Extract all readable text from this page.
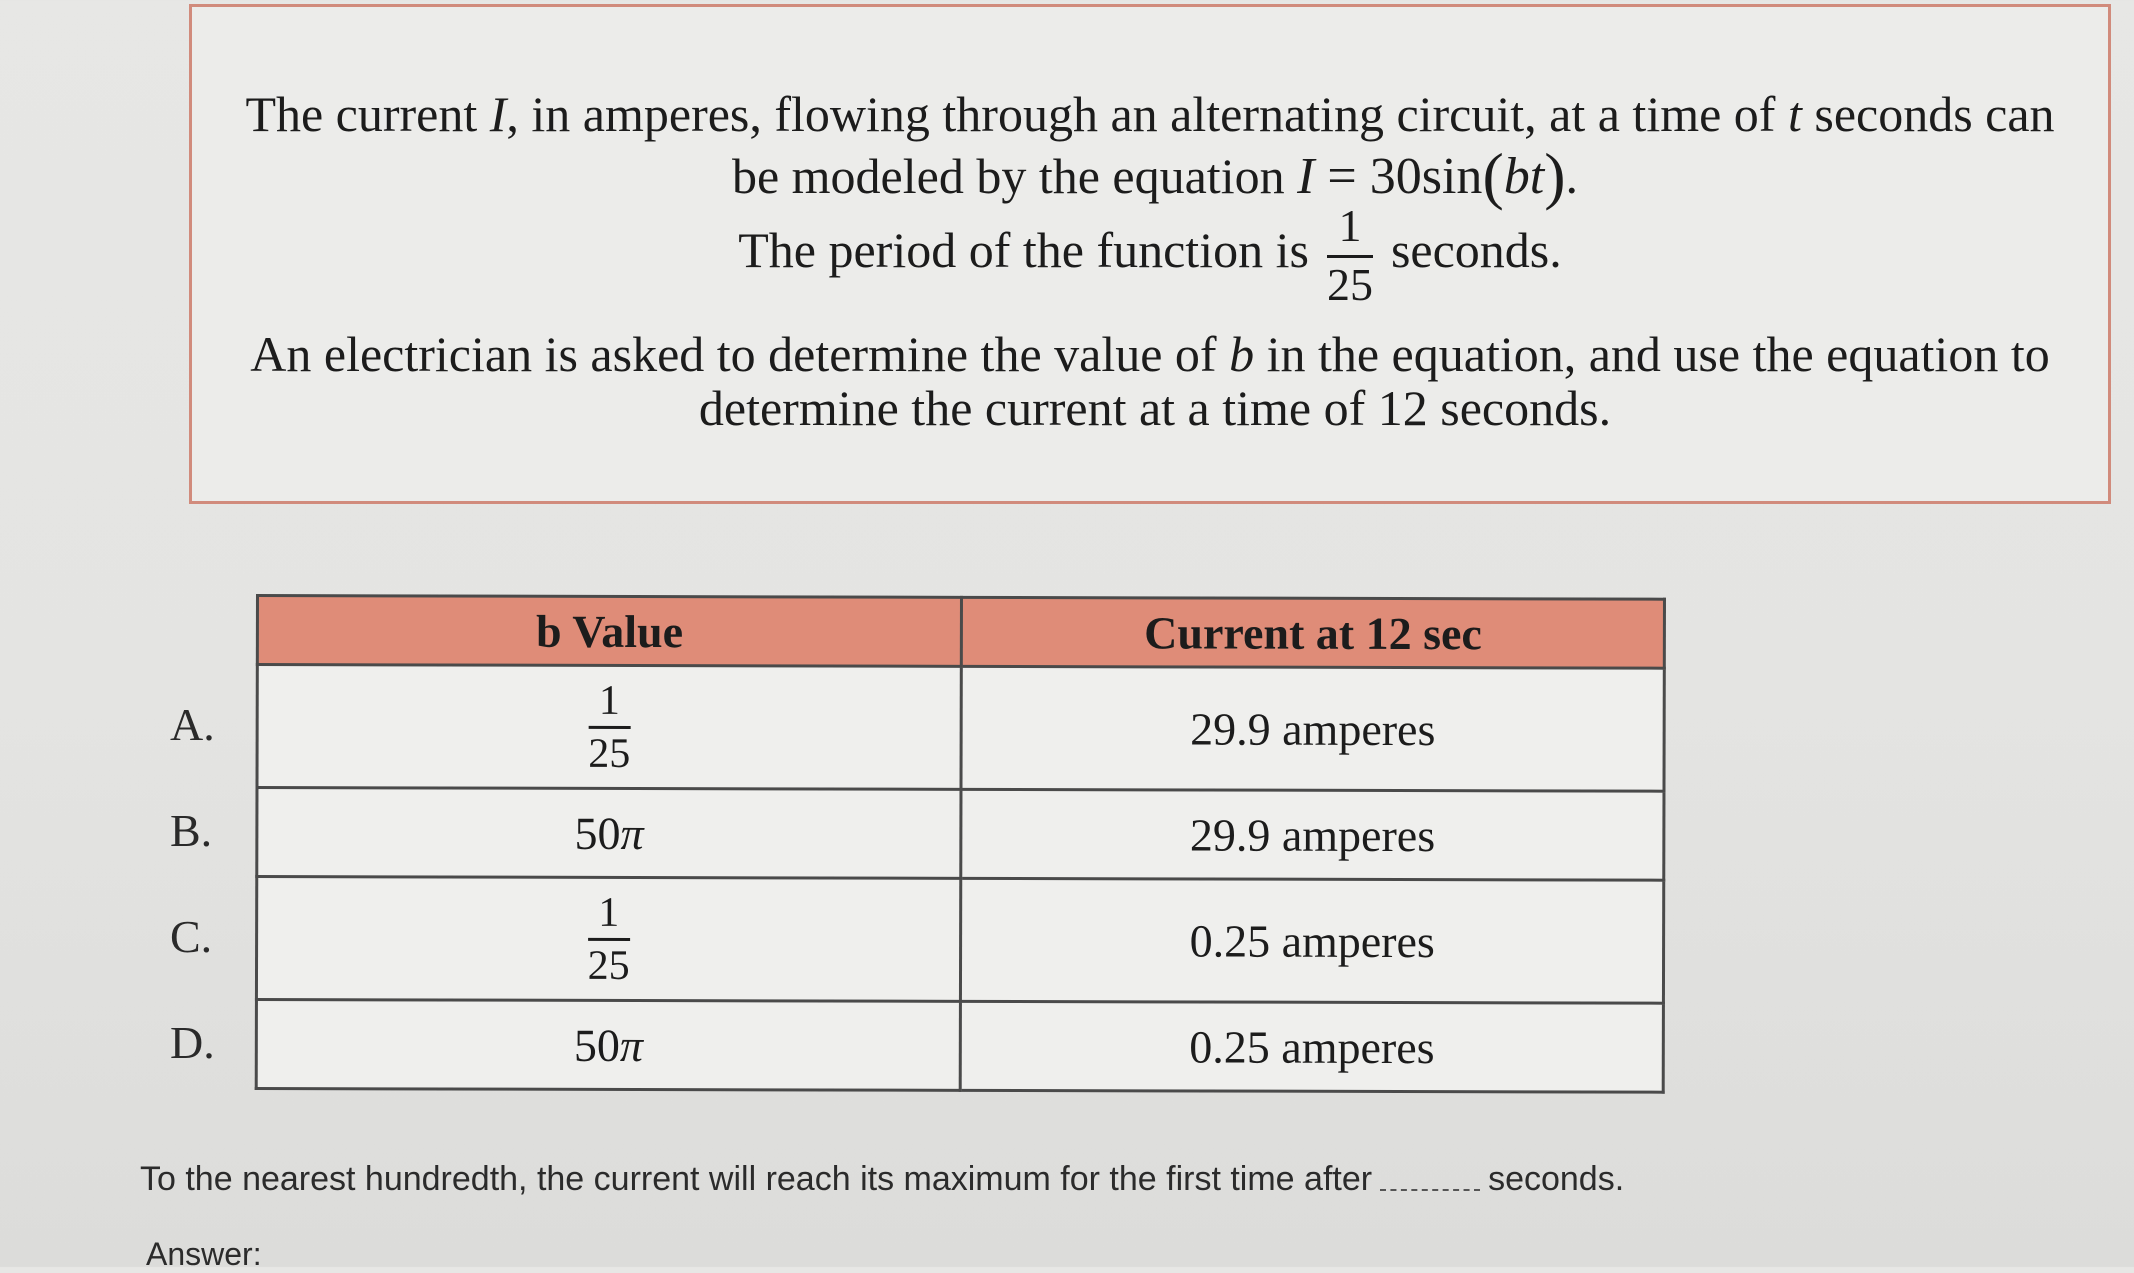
The current I, in amperes, flowing through an alternating circuit, at a time of t seconds can
be modeled by the equation I = 30sin(bt).
The period of the function is $\frac{1}{25}$ seconds.
An electrician is asked to determine the value of b in the equation, and use the equation to
determine the current at a time of 12 seconds.
A.
B.
C.
D.
b Value	Current at 12 sec

$\frac{1}{25}$	29.9 amperes
50π	29.9 amperes

$\frac{1}{25}$	0.25 amperes
50π	0.25 amperes
To the nearest hundredth, the current will reach its maximum for the first time after	seconds.
Answer:
